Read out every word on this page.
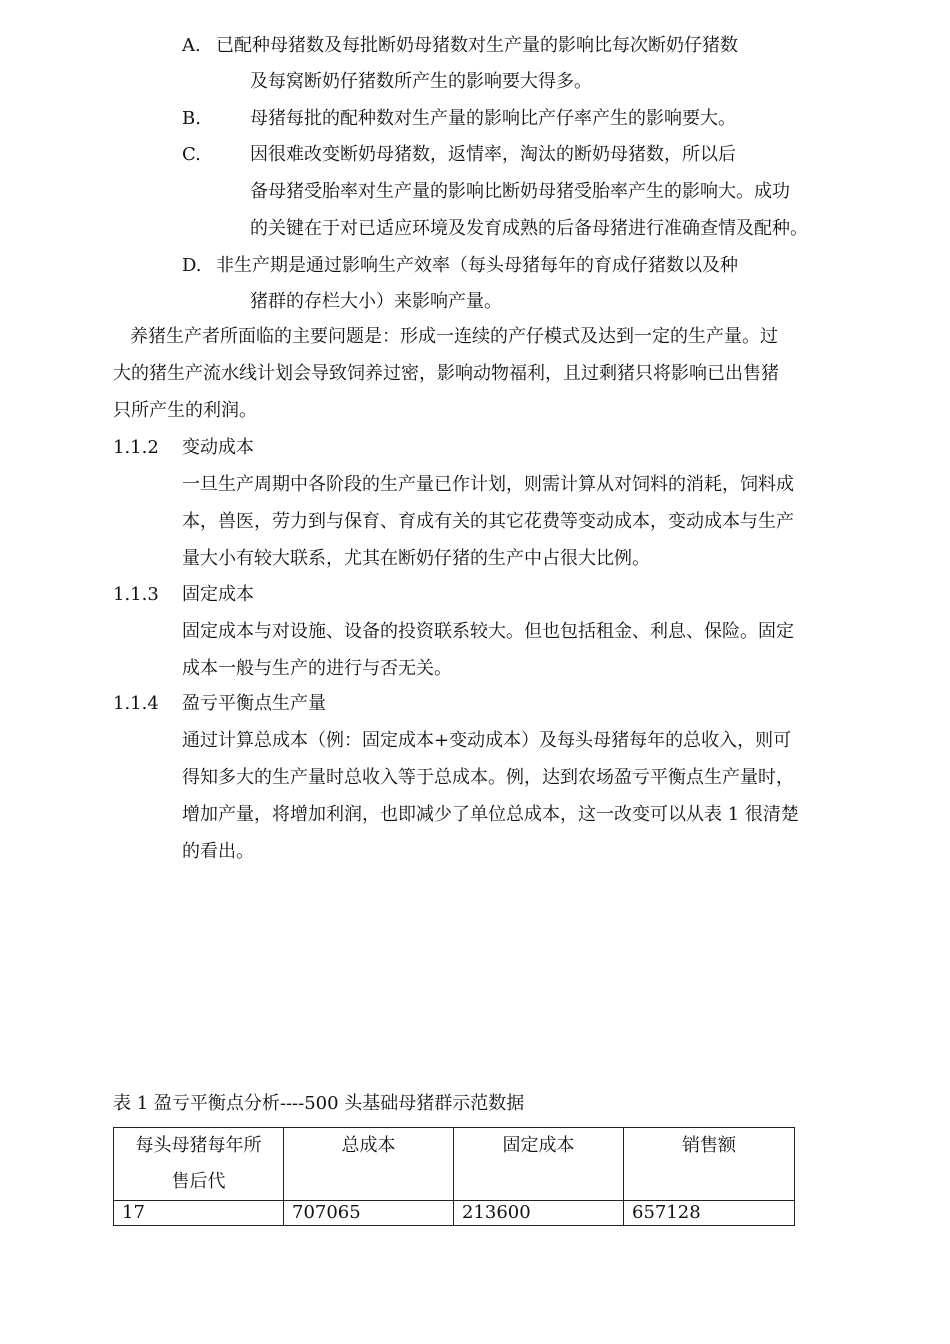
A. 已配种母猪数及每批断奶母猪数对生产量的影响比每次断奶仔猪数
及每窝断奶仔猪数所产生的影响要大得多。
B.	母猪每批的配种数对生产量的影响比产仔率产生的影响要大。
C.	因很难改变断奶母猪数，返情率，淘汰的断奶母猪数，所以后
备母猪受胎率对生产量的影响比断奶母猪受胎率产生的影响大。成功
的关键在于对已适应环境及发育成熟的后备母猪进行准确查情及配种。
D. 非生产期是通过影响生产效率（每头母猪每年的育成仔猪数以及种
猪群的存栏大小）来影响产量。
养猪生产者所面临的主要问题是：形成一连续的产仔模式及达到一定的生产量。过
大的猪生产流水线计划会导致饲养过密，影响动物福利，且过剩猪只将影响已出售猪
只所产生的利润。
1.1.2 变动成本
一旦生产周期中各阶段的生产量已作计划，则需计算从对饲料的消耗，饲料成
本，兽医，劳力到与保育、育成有关的其它花费等变动成本，变动成本与生产
量大小有较大联系，尤其在断奶仔猪的生产中占很大比例。
1.1.3 固定成本
固定成本与对设施、设备的投资联系较大。但也包括租金、利息、保险。固定
成本一般与生产的进行与否无关。
1.1.4 盈亏平衡点生产量
通过计算总成本（例：固定成本+变动成本）及每头母猪每年的总收入，则可
得知多大的生产量时总收入等于总成本。例，达到农场盈亏平衡点生产量时，
增加产量，将增加利润，也即减少了单位总成本，这一改变可以从表 1 很清楚
的看出。
表 1 盈亏平衡点分析----500 头基础母猪群示范数据
每头母猪每年所售后代	总成本	固定成本	销售额
17	707065	213600	657128
